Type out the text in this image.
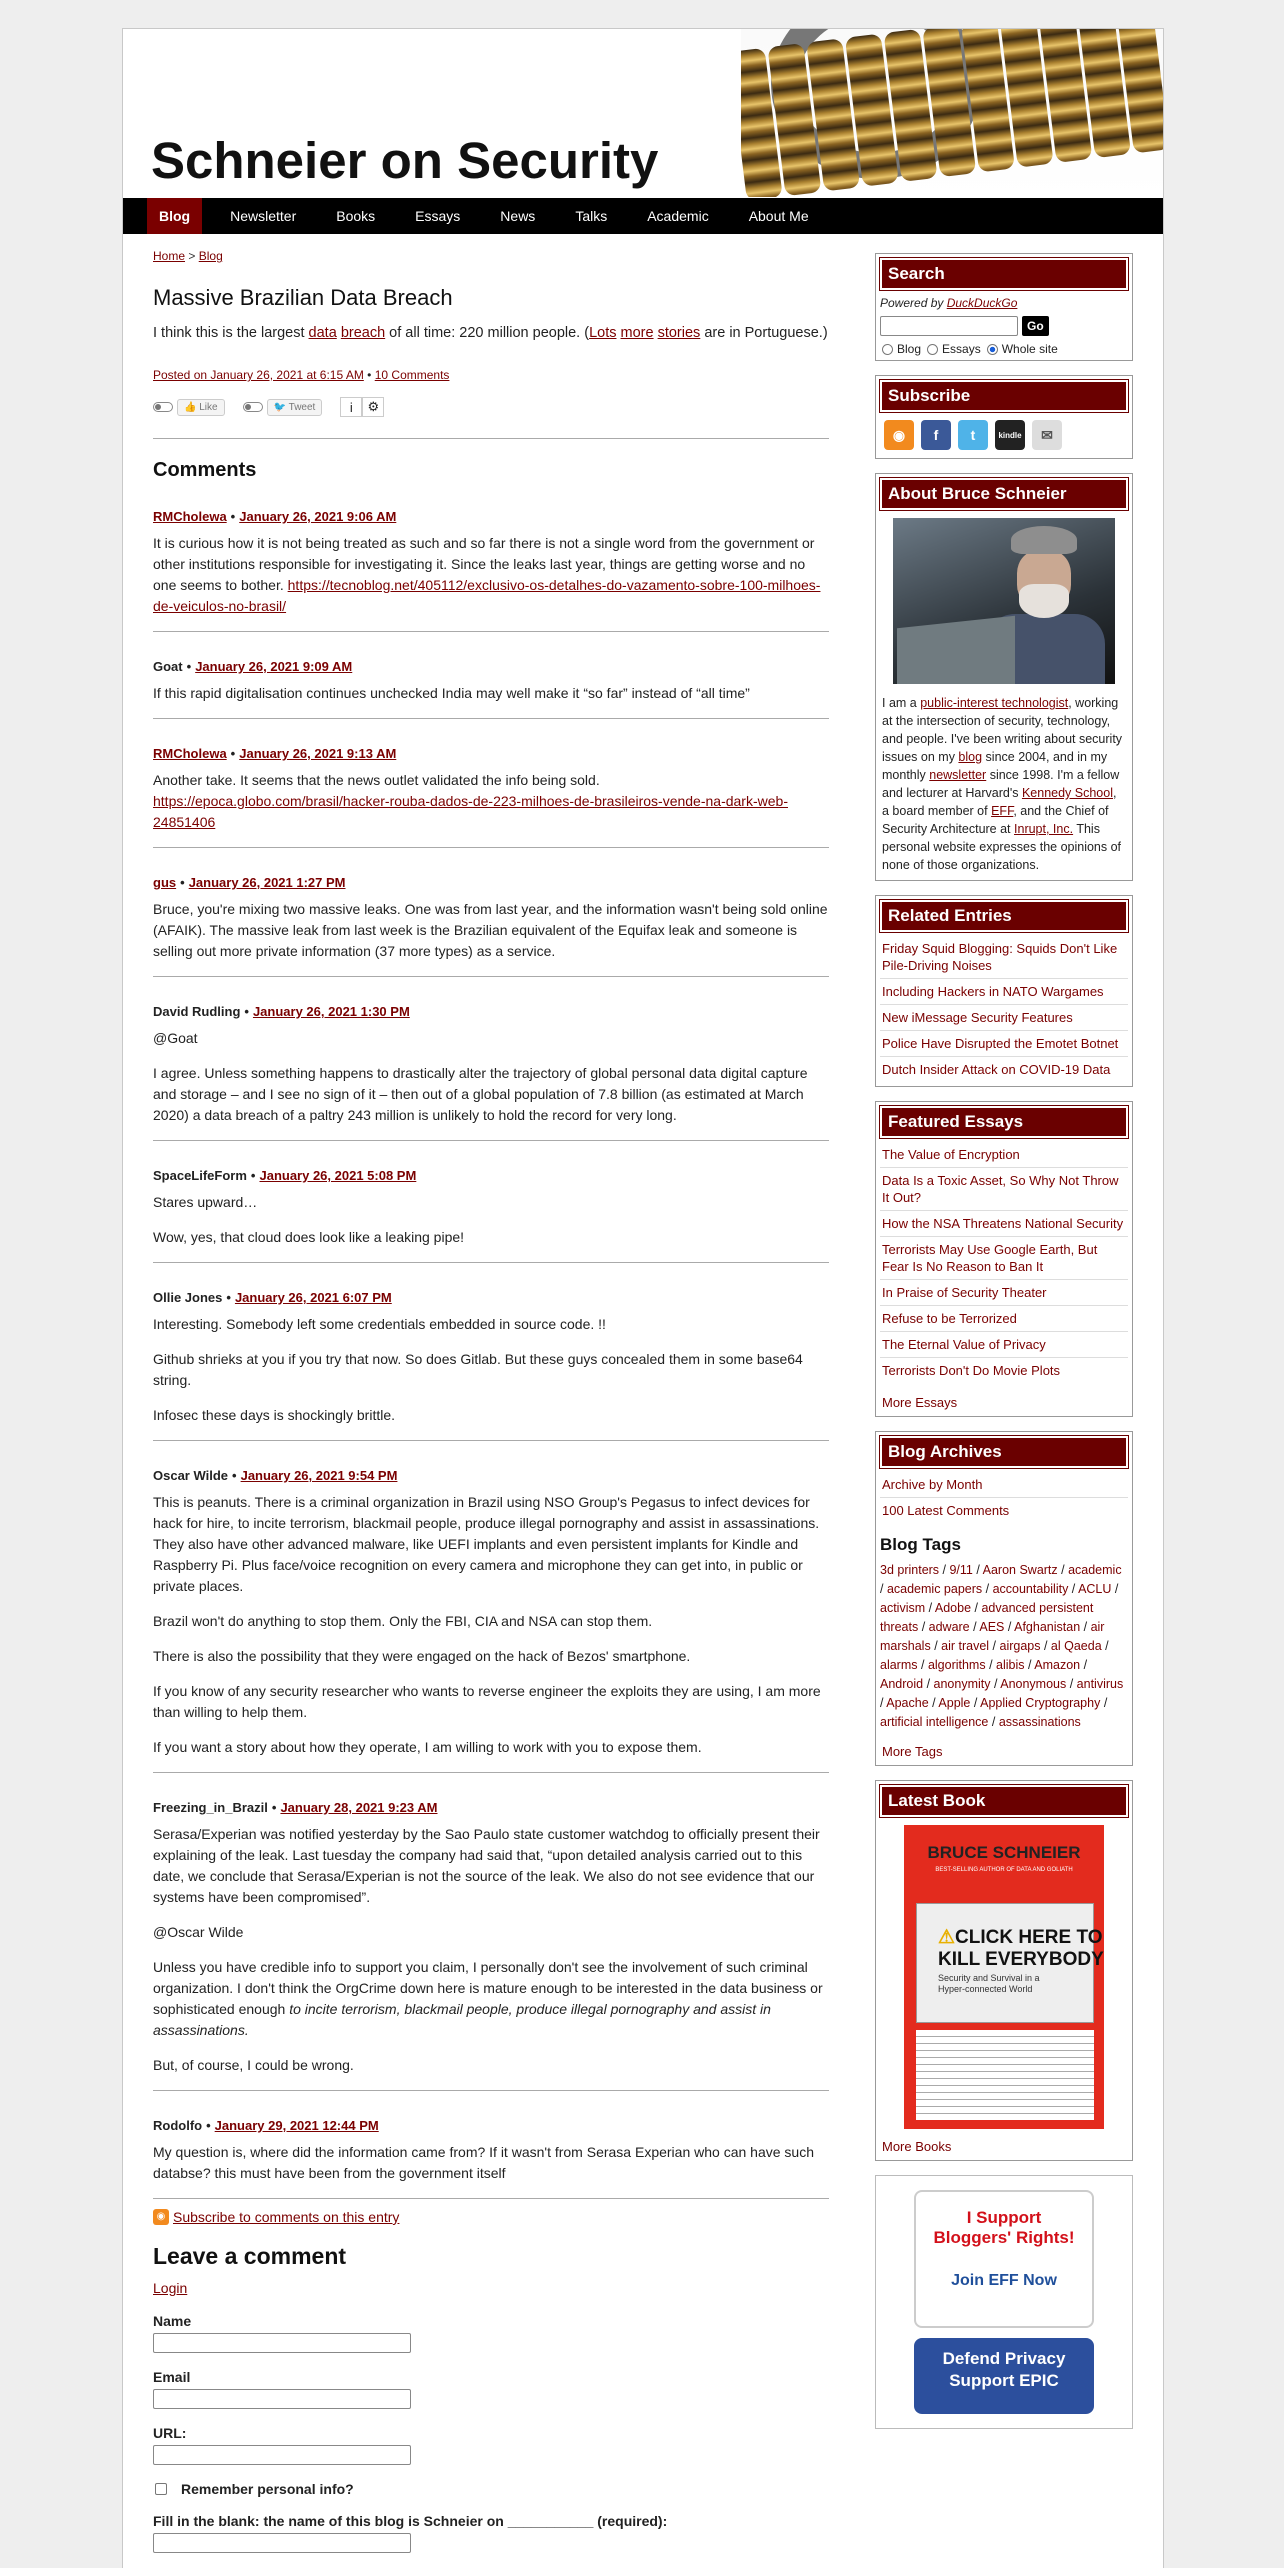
Schneier on Security
Blog	Newsletter	Books	Essays	News	Talks	Academic	About Me
Home > Blog
Massive Brazilian Data Breach
I think this is the largest data breach of all time: 220 million people. (Lots more stories are in Portuguese.)
Posted on January 26, 2021 at 6:15 AM • 10 Comments
👍 Like	🐦 Tweet	i	⚙
Comments
RMCholewa • January 26, 2021 9:06 AM

It is curious how it is not being treated as such and so far there is not a single word from the government or other institutions responsible for investigating it. Since the leaks last year, things are getting worse and no one seems to bother. https://tecnoblog.net/405112/exclusivo-os-detalhes-do-vazamento-sobre-100-milhoes-de-veiculos-no-brasil/

Goat • January 26, 2021 9:09 AM

If this rapid digitalisation continues unchecked India may well make it “so far” instead of “all time”

RMCholewa • January 26, 2021 9:13 AM

Another take. It seems that the news outlet validated the info being sold.
https://epoca.globo.com/brasil/hacker-rouba-dados-de-223-milhoes-de-brasileiros-vende-na-dark-web-24851406

gus • January 26, 2021 1:27 PM

Bruce, you're mixing two massive leaks. One was from last year, and the information wasn't being sold online (AFAIK). The massive leak from last week is the Brazilian equivalent of the Equifax leak and someone is selling out more private information (37 more types) as a service.

David Rudling • January 26, 2021 1:30 PM

@Goat

I agree. Unless something happens to drastically alter the trajectory of global personal data digital capture and storage – and I see no sign of it – then out of a global population of 7.8 billion (as estimated at March 2020) a data breach of a paltry 243 million is unlikely to hold the record for very long.

SpaceLifeForm • January 26, 2021 5:08 PM

Stares upward…

Wow, yes, that cloud does look like a leaking pipe!

Ollie Jones • January 26, 2021 6:07 PM

Interesting. Somebody left some credentials embedded in source code. !!

Github shrieks at you if you try that now. So does Gitlab. But these guys concealed them in some base64 string.

Infosec these days is shockingly brittle.

Oscar Wilde • January 26, 2021 9:54 PM

This is peanuts. There is a criminal organization in Brazil using NSO Group's Pegasus to infect devices for hack for hire, to incite terrorism, blackmail people, produce illegal pornography and assist in assassinations. They also have other advanced malware, like UEFI implants and even persistent implants for Kindle and Raspberry Pi. Plus face/voice recognition on every camera and microphone they can get into, in public or private places.

Brazil won't do anything to stop them. Only the FBI, CIA and NSA can stop them.

There is also the possibility that they were engaged on the hack of Bezos' smartphone.

If you know of any security researcher who wants to reverse engineer the exploits they are using, I am more than willing to help them.

If you want a story about how they operate, I am willing to work with you to expose them.

Freezing_in_Brazil • January 28, 2021 9:23 AM

Serasa/Experian was notified yesterday by the Sao Paulo state customer watchdog to officially present their explaining of the leak. Last tuesday the company had said that, “upon detailed analysis carried out to this date, we conclude that Serasa/Experian is not the source of the leak. We also do not see evidence that our systems have been compromised”.

@Oscar Wilde

Unless you have credible info to support you claim, I personally don't see the involvement of such criminal organization. I don't think the OrgCrime down here is mature enough to be interested in the data business or sophisticated enough to incite terrorism, blackmail people, produce illegal pornography and assist in assassinations.

But, of course, I could be wrong.

Rodolfo • January 29, 2021 12:44 PM

My question is, where did the information came from? If it wasn't from Serasa Experian who can have such databse? this must have been from the government itself

◉ Subscribe to comments on this entry
Leave a comment
Login
Name
Email
URL:
Remember personal info?
Fill in the blank: the name of this blog is Schneier on ___________ (required):
Search
Powered by DuckDuckGo
Go
Blog Essays Whole site
Subscribe
◉	f	t	kindle	✉
About Bruce Schneier
I am a public-interest technologist, working at the intersection of security, technology, and people. I've been writing about security issues on my blog since 2004, and in my monthly newsletter since 1998. I'm a fellow and lecturer at Harvard's Kennedy School, a board member of EFF, and the Chief of Security Architecture at Inrupt, Inc. This personal website expresses the opinions of none of those organizations.
Related Entries
Friday Squid Blogging: Squids Don't Like Pile-Driving Noises
Including Hackers in NATO Wargames
New iMessage Security Features
Police Have Disrupted the Emotet Botnet
Dutch Insider Attack on COVID-19 Data
Featured Essays
The Value of Encryption
Data Is a Toxic Asset, So Why Not Throw It Out?
How the NSA Threatens National Security
Terrorists May Use Google Earth, But Fear Is No Reason to Ban It
In Praise of Security Theater
Refuse to be Terrorized
The Eternal Value of Privacy
Terrorists Don't Do Movie Plots
More Essays
Blog Archives
Archive by Month
100 Latest Comments
Blog Tags
3d printers / 9/11 / Aaron Swartz / academic / academic papers / accountability / ACLU / activism / Adobe / advanced persistent threats / adware / AES / Afghanistan / air marshals / air travel / airgaps / al Qaeda / alarms / algorithms / alibis / Amazon / Android / anonymity / Anonymous / antivirus / Apache / Apple / Applied Cryptography / artificial intelligence / assassinations
More Tags
Latest Book
BRUCE SCHNEIER
BEST-SELLING AUTHOR OF DATA AND GOLIATH
⚠CLICK HERE TO
KILL EVERYBODY
Security and Survival in a Hyper-connected World
More Books
I Support
Bloggers' Rights!
Join EFF Now
Defend Privacy
Support EPIC
